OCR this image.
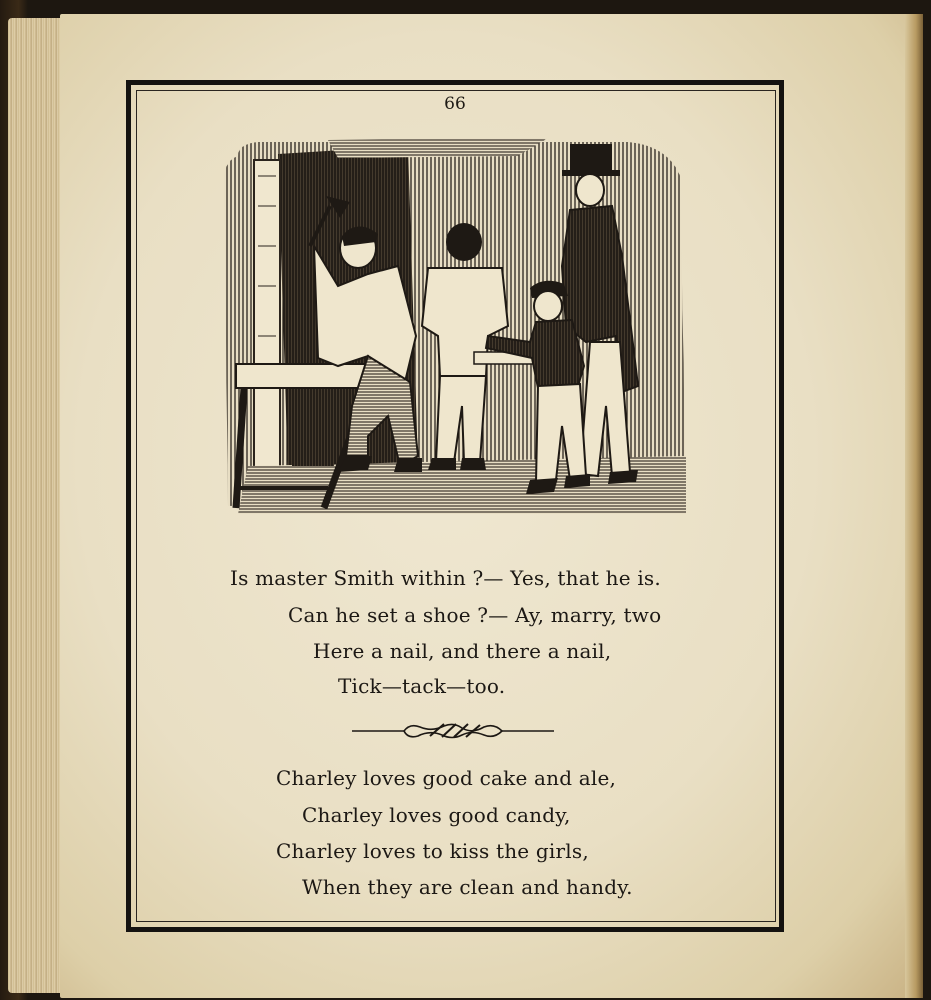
66
Is master Smith within ?— Yes, that he is.
Can he set a shoe ?— Ay, marry, two
Here a nail, and there a nail,
Tick—tack—too.
Charley loves good cake and ale,
Charley loves good candy,
Charley loves to kiss the girls,
When they are clean and handy.
